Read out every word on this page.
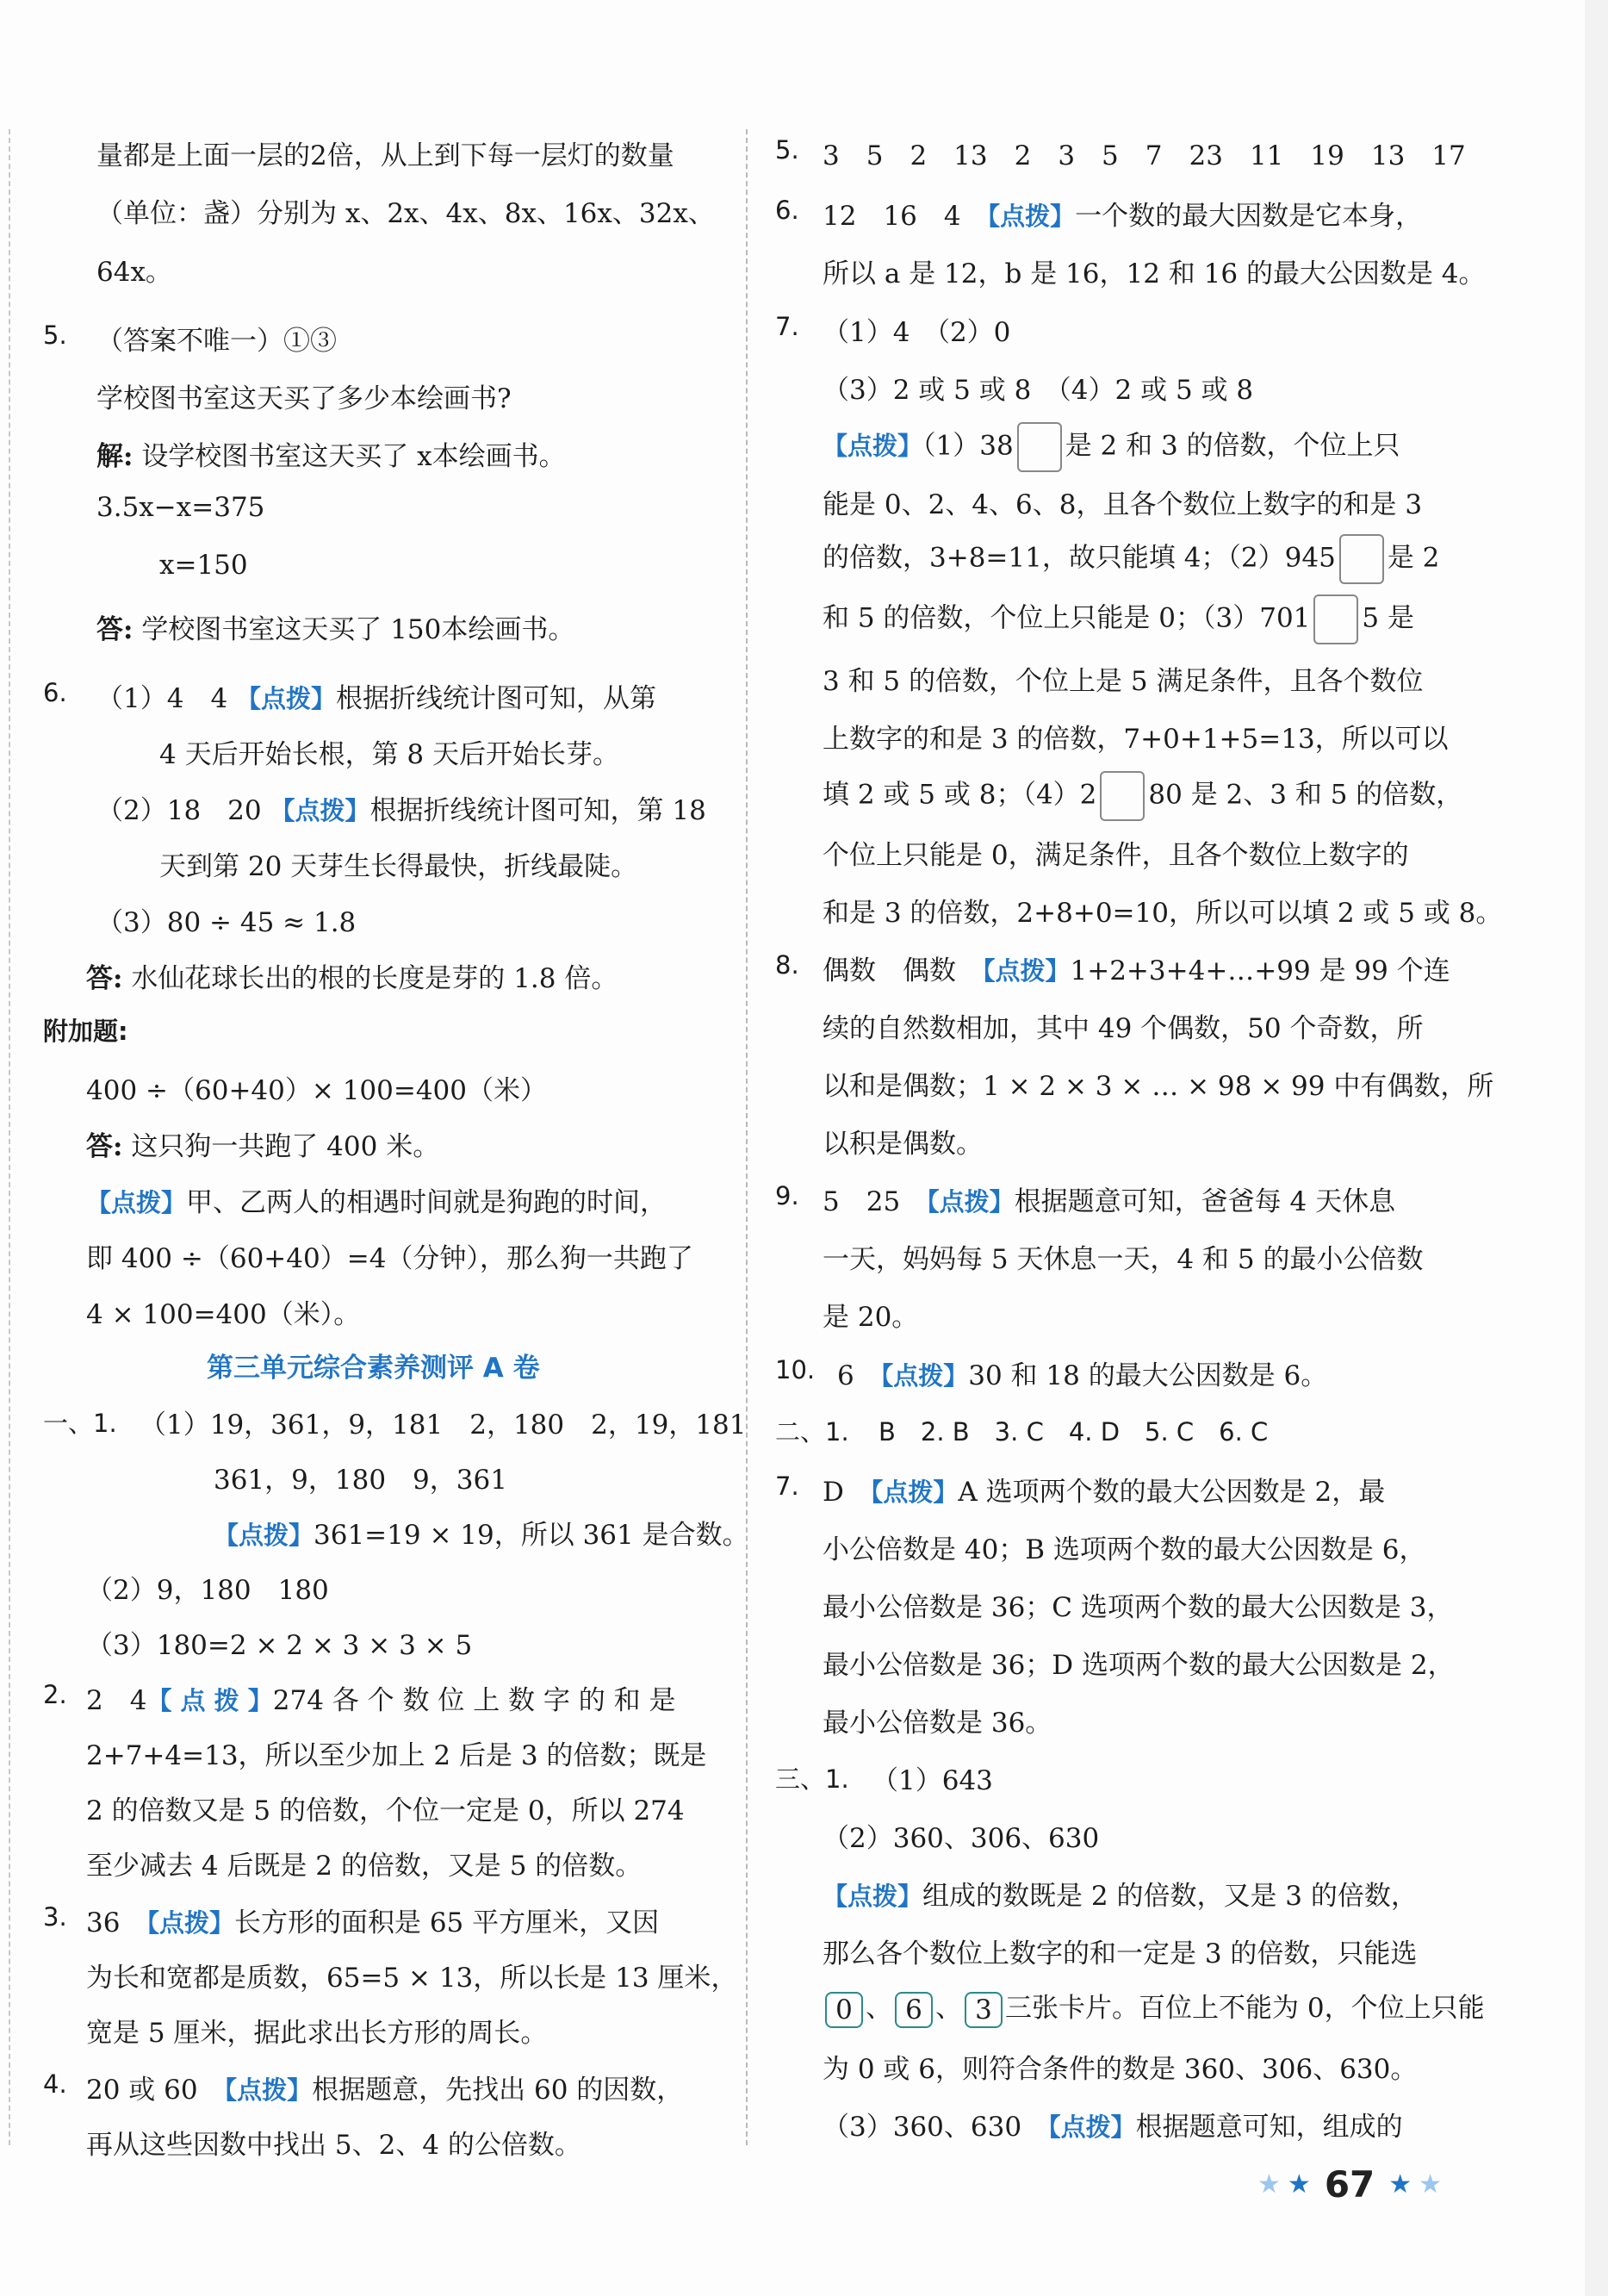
量都是上面一层的2倍，从上到下每一层灯的数量
（单位：盏）分别为 x、2x、4x、8x、16x、32x、
64x。
5. （答案不唯一）①③
学校图书室这天买了多少本绘画书?
解: 设学校图书室这天买了 x本绘画书。
3.5x−x=375
x=150
答: 学校图书室这天买了 150本绘画书。
6. （1）4　4 【点拨】根据折线统计图可知，从第
4 天后开始长根，第 8 天后开始长芽。
（2）18　20 【点拨】根据折线统计图可知，第 18
天到第 20 天芽生长得最快，折线最陡。
（3）80 ÷ 45 ≈ 1.8
答: 水仙花球长出的根的长度是芽的 1.8 倍。
附加题:
400 ÷（60+40）× 100=400（米）
答: 这只狗一共跑了 400 米。
【点拨】甲、乙两人的相遇时间就是狗跑的时间，
即 400 ÷（60+40）=4（分钟），那么狗一共跑了
4 × 100=400（米）。
第三单元综合素养测评 A 卷
一、1. （1）19，361，9，181　2，180　2，19，181
361，9，180　9，361
【点拨】361=19 × 19，所以 361 是合数。
（2）9，180　180
（3）180=2 × 2 × 3 × 3 × 5
2. 2　4【 点 拨 】274 各 个 数 位 上 数 字 的 和 是
2+7+4=13，所以至少加上 2 后是 3 的倍数；既是
2 的倍数又是 5 的倍数，个位一定是 0，所以 274
至少减去 4 后既是 2 的倍数，又是 5 的倍数。
3. 36　 【点拨】长方形的面积是 65 平方厘米，又因
为长和宽都是质数，65=5 × 13，所以长是 13 厘米，
宽是 5 厘米，据此求出长方形的周长。
4. 20 或 60　 【点拨】根据题意，先找出 60 的因数，
再从这些因数中找出 5、2、4 的公倍数。
5. 3　5　2　13　2　3　5　7　23　11　19　13　17
6. 12　16　4　 【点拨】一个数的最大因数是它本身，
所以 a 是 12，b 是 16，12 和 16 的最大公因数是 4。
7. （1）4　（2）0
（3）2 或 5 或 8　（4）2 或 5 或 8
【点拨】（1）38 是 2 和 3 的倍数，个位上只
能是 0、2、4、6、8，且各个数位上数字的和是 3
的倍数，3+8=11，故只能填 4；（2）945 是 2
和 5 的倍数，个位上只能是 0；（3）701 5 是
3 和 5 的倍数，个位上是 5 满足条件，且各个数位
上数字的和是 3 的倍数，7+0+1+5=13，所以可以
填 2 或 5 或 8；（4）2 80 是 2、3 和 5 的倍数，
个位上只能是 0，满足条件，且各个数位上数字的
和是 3 的倍数，2+8+0=10，所以可以填 2 或 5 或 8。
8. 偶数　偶数　 【点拨】1+2+3+4+…+99 是 99 个连
续的自然数相加，其中 49 个偶数，50 个奇数，所
以和是偶数；1 × 2 × 3 × … × 98 × 99 中有偶数，所
以积是偶数。
9. 5　25　 【点拨】根据题意可知，爸爸每 4 天休息
一天，妈妈每 5 天休息一天，4 和 5 的最小公倍数
是 20。
10. 6　 【点拨】30 和 18 的最大公因数是 6。
二、1. B　2. B　3. C　4. D　5. C　6. C
7. D　 【点拨】A 选项两个数的最大公因数是 2，最
小公倍数是 40；B 选项两个数的最大公因数是 6，
最小公倍数是 36；C 选项两个数的最大公因数是 3，
最小公倍数是 36；D 选项两个数的最大公因数是 2，
最小公倍数是 36。
三、1. （1）643
（2）360、306、630
【点拨】组成的数既是 2 的倍数，又是 3 的倍数，
那么各个数位上数字的和一定是 3 的倍数，只能选
0 、 6 、 3 三张卡片。百位上不能为 0，个位上只能
为 0 或 6，则符合条件的数是 360、306、630。
（3）360、630　 【点拨】根据题意可知，组成的
★ ★ 67 ★ ★
